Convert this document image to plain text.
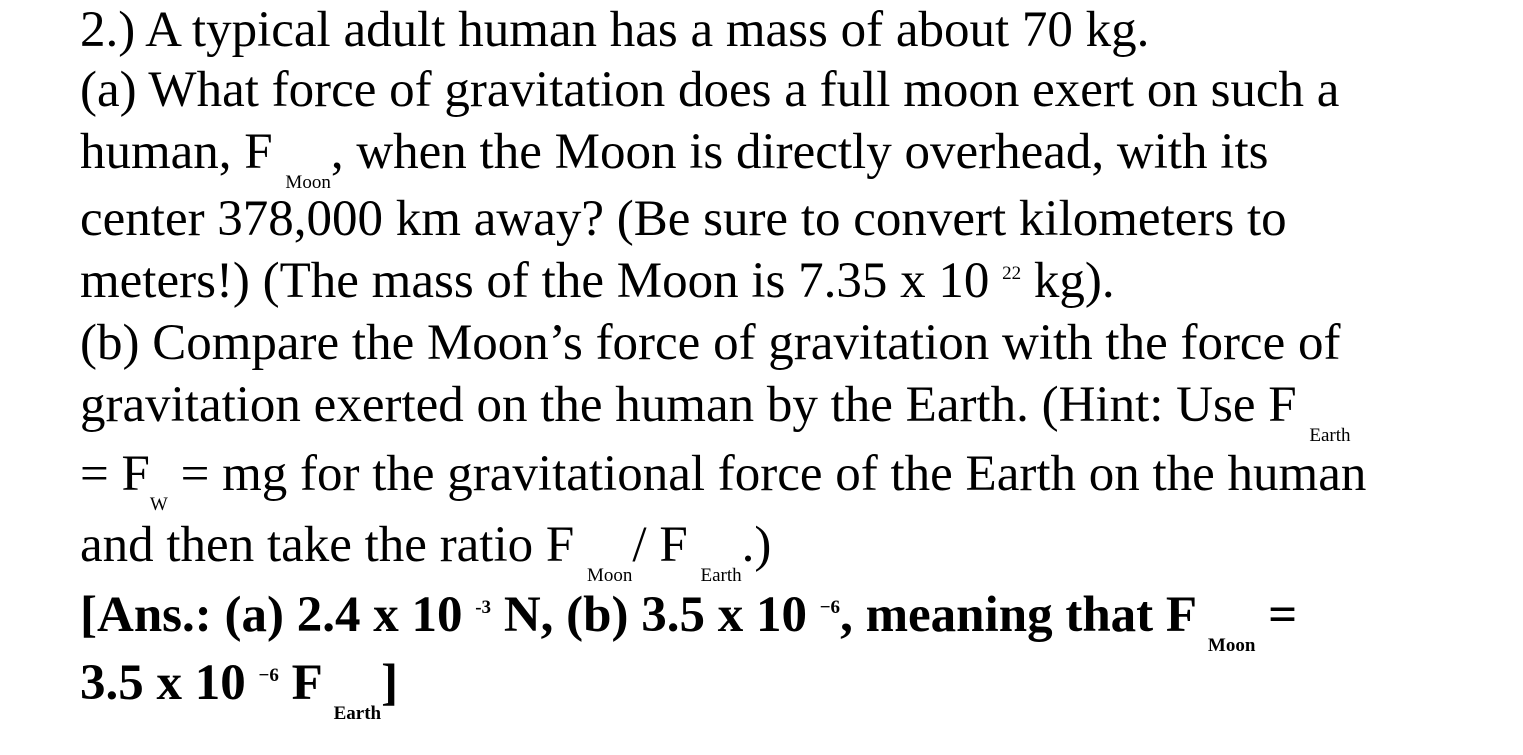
2.) A typical adult human has a mass of about 70 kg.
(a) What force of gravitation does a full moon exert on such a
human, F $_{Moon}$, when the Moon is directly overhead, with its
center 378,000 km away? (Be sure to convert kilometers to
meters!) (The mass of the Moon is 7.35 x 10 $^{22}$ kg).
(b) Compare the Moon’s force of gravitation with the force of
gravitation exerted on the human by the Earth. (Hint: Use F $_{Earth}$
= $F_W$ = mg for the gravitational force of the Earth on the human
and then take the ratio F $_{Moon}$/ F $_{Earth}$.)
[Ans.: (a) 2.4 x 10 $^{-3}$ N, (b) 3.5 x 10 $^{-6}$, meaning that F $_{Moon}$ =
3.5 x 10 $^{-6}$ F $_{Earth}$]
